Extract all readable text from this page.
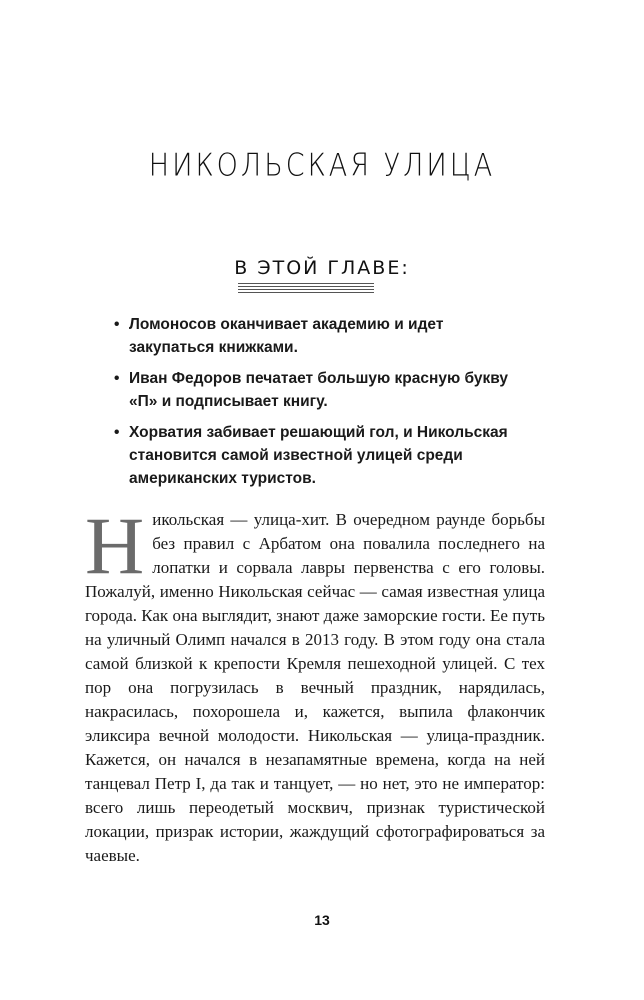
НИКОЛЬСКАЯ УЛИЦА
В ЭТОЙ ГЛАВЕ:
• Ломоносов оканчивает академию и идет закупаться книжками.
• Иван Федоров печатает большую красную букву «П» и подписывает книгу.
• Хорватия забивает решающий гол, и Никольская становится самой известной улицей среди американских туристов.

Никольская — улица-хит. В очередном раунде борьбы без правил с Арбатом она повалила последнего на лопатки и сорвала лавры первенства с его головы. Пожалуй, именно Никольская сейчас — самая известная улица города. Как она выглядит, знают даже заморские гости. Ее путь на уличный Олимп начался в 2013 году. В этом году она стала самой близкой к крепости Кремля пешеходной улицей. С тех пор она погрузилась в вечный праздник, нарядилась, накрасилась, похорошела и, кажется, выпила флакончик эликсира вечной молодости. Никольская — улица-праздник. Кажется, он начался в незапамятные времена, когда на ней танцевал Петр I, да так и танцует, — но нет, это не император: всего лишь переодетый москвич, признак туристической локации, призрак истории, жаждущий сфотографироваться за чаевые.

13
